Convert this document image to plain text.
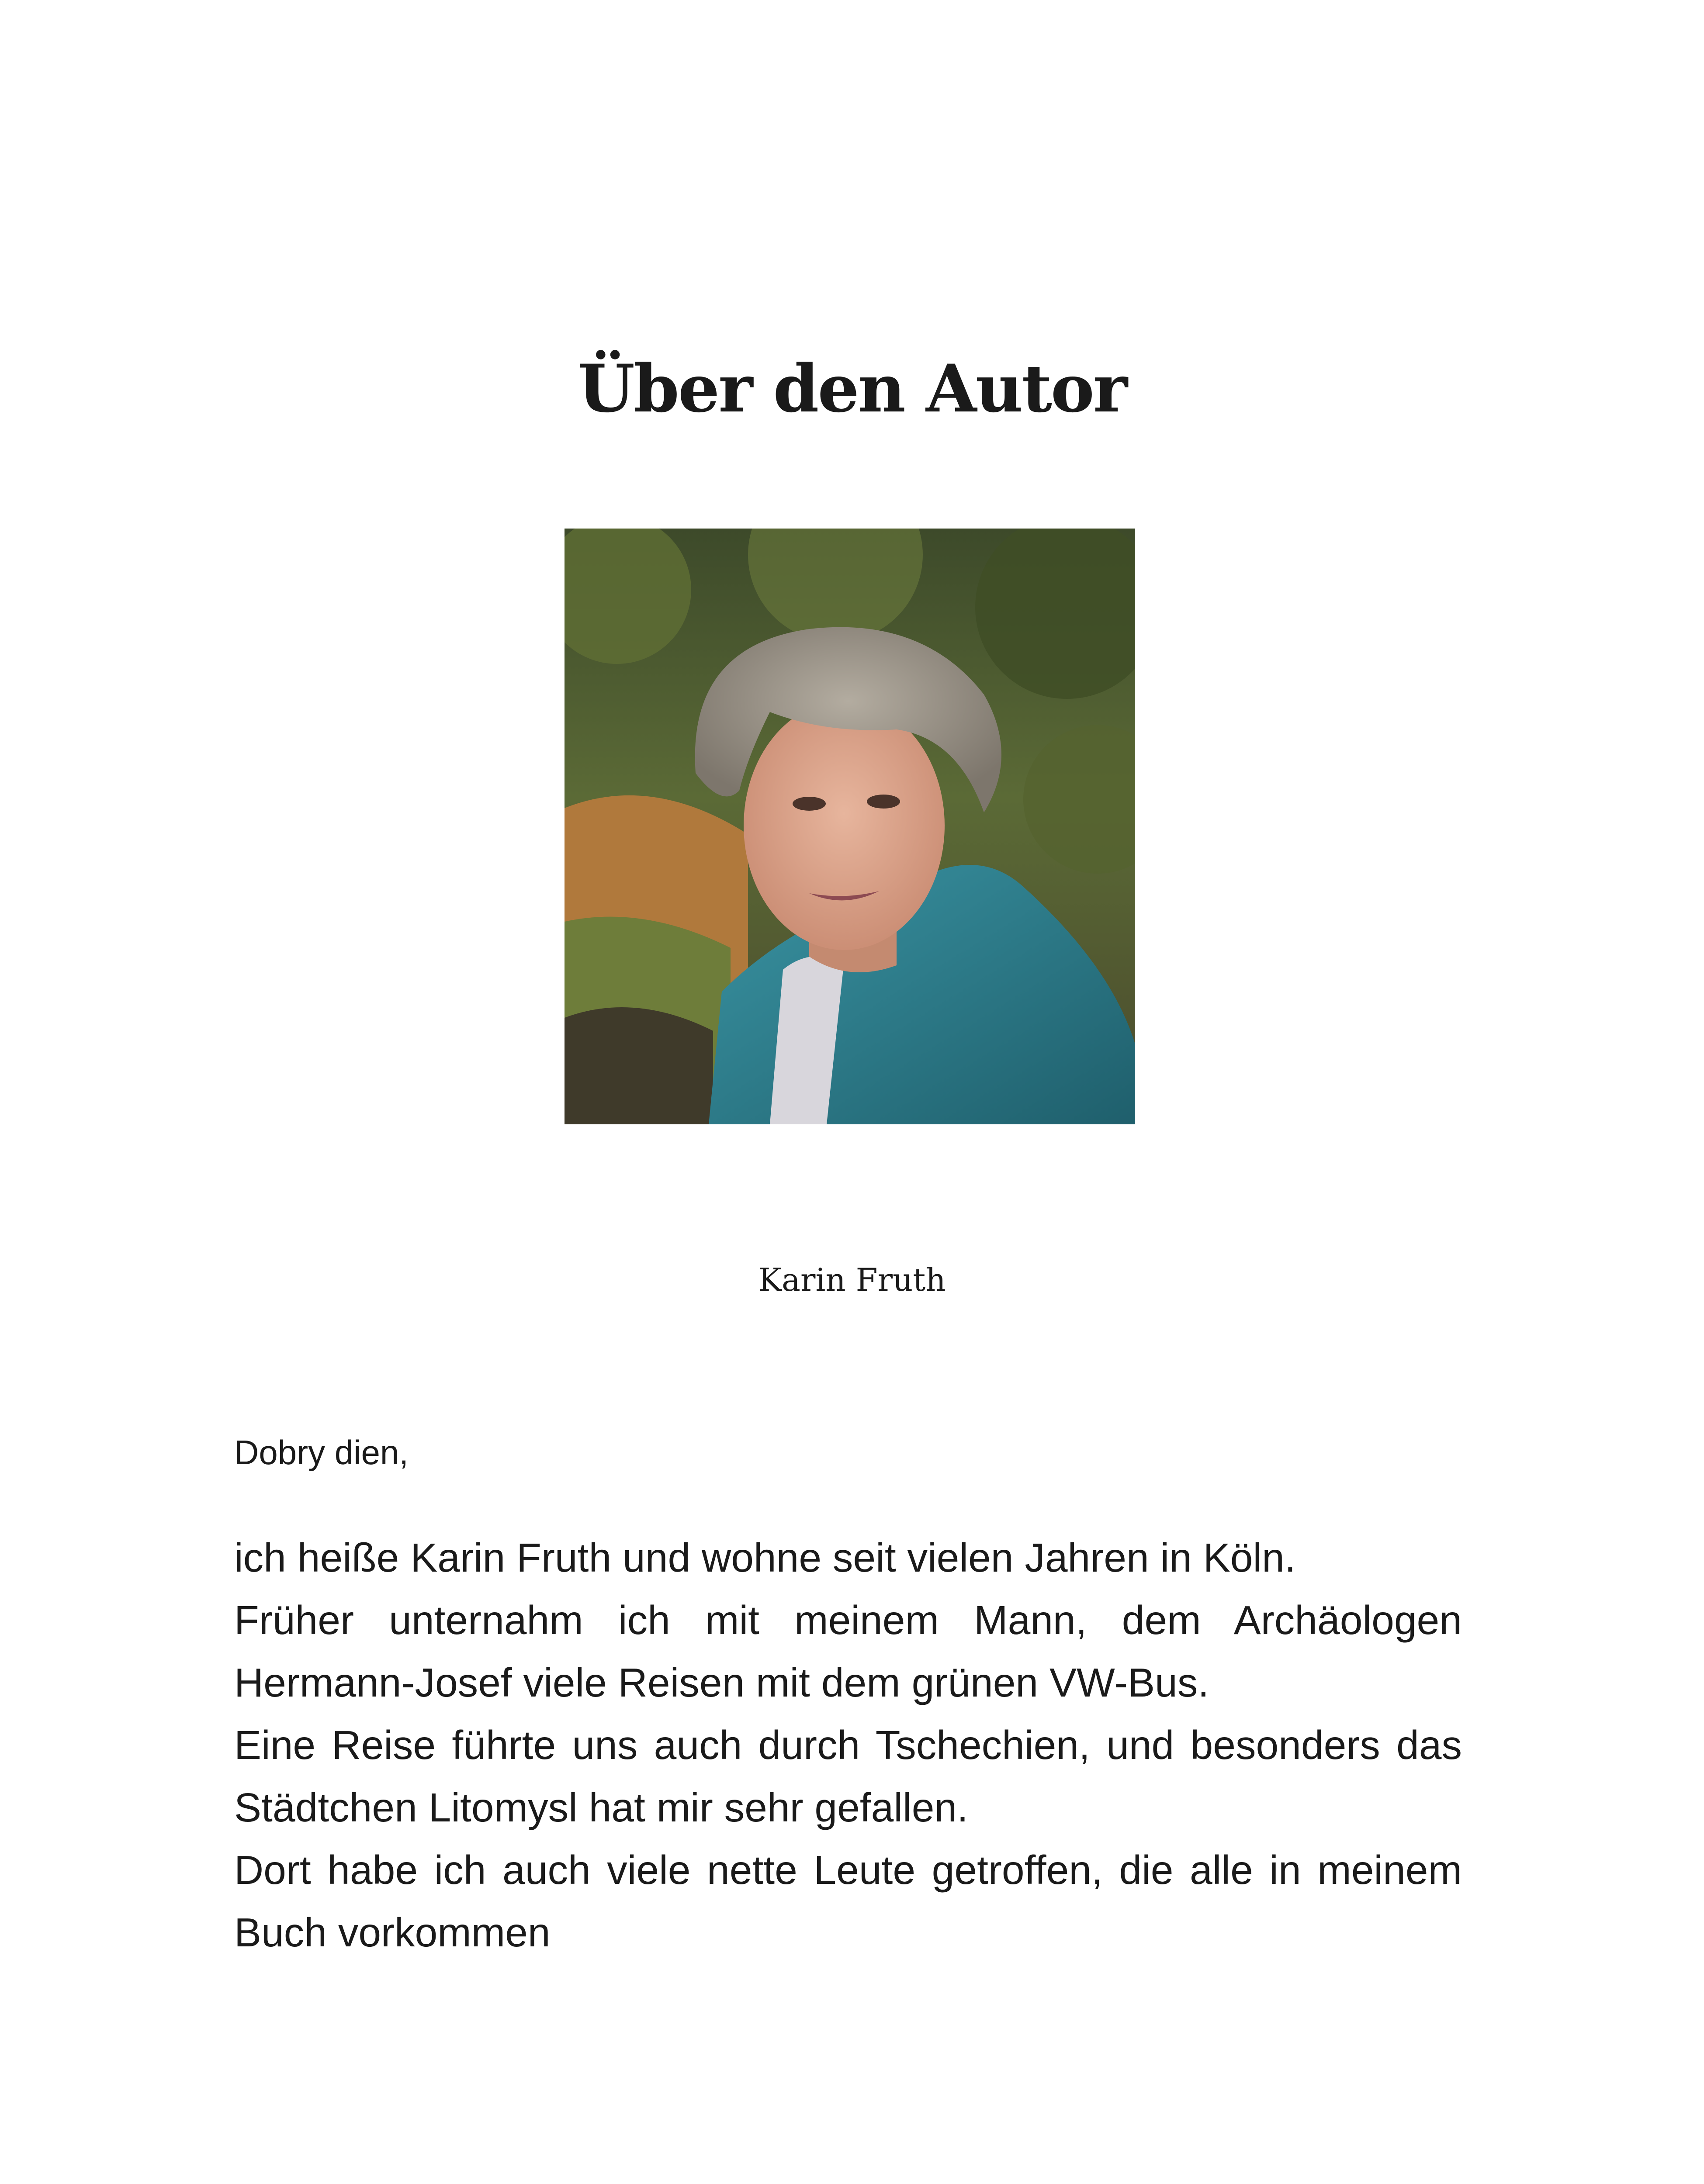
Über den Autor
Karin Fruth
Dobry dien,

ich heiße Karin Fruth und wohne seit vielen Jahren in Köln.

Früher unternahm ich mit meinem Mann, dem Archäologen Hermann-Josef viele Reisen mit dem grünen VW-Bus.

Eine Reise führte uns auch durch Tschechien, und besonders das Städtchen Litomysl hat mir sehr gefallen.

Dort habe ich auch viele nette Leute getroffen, die alle in meinem Buch vorkommen
